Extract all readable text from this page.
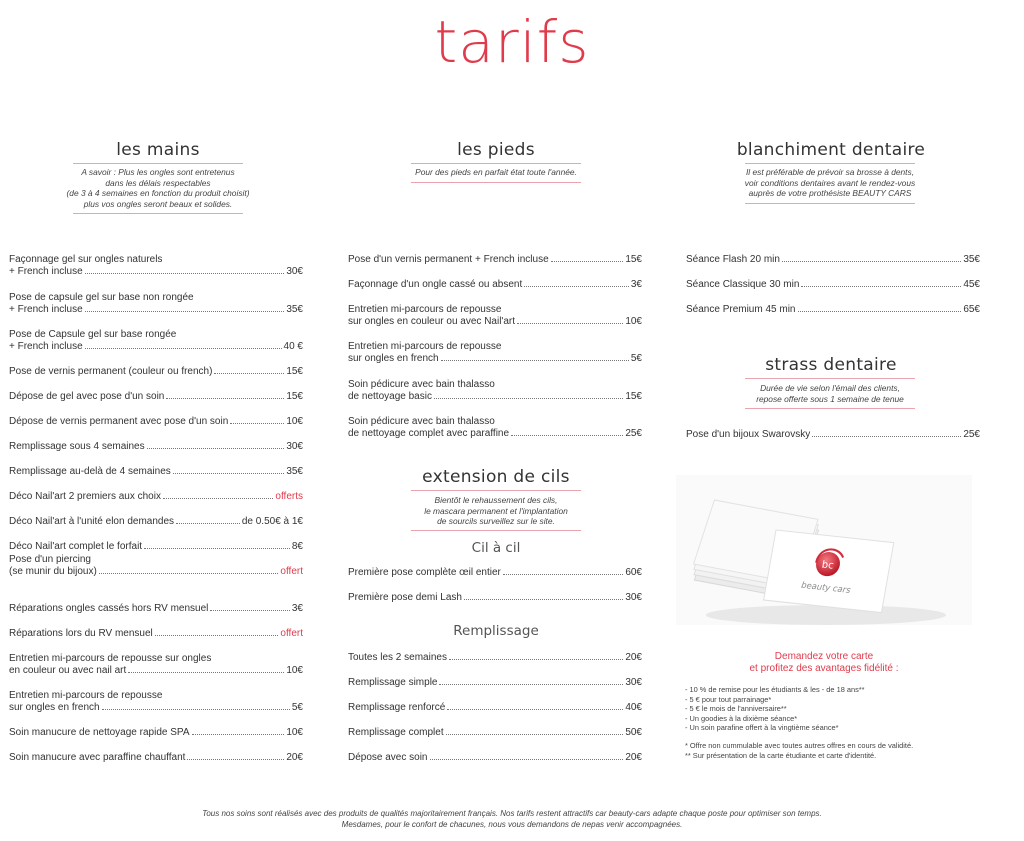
tarifs
les mains
A savoir : Plus les ongles sont entretenus
dans les délais respectables
(de 3 à 4 semaines en fonction du produit choisit)
plus vos ongles seront beaux et solides.
Façonnage gel sur ongles naturels
+ French incluse	30€
Pose de capsule gel sur base non rongée
+ French incluse	35€
Pose de Capsule gel sur base rongée
+ French incluse	40 €
Pose de vernis permanent (couleur ou french)	15€
Dépose de gel avec pose d'un soin	15€
Dépose de vernis permanent avec pose d'un soin	10€
Remplissage sous 4 semaines	30€
Remplissage au-delà de 4 semaines	35€
Déco Nail'art 2 premiers aux choix	offerts
Déco Nail'art à l'unité elon demandes	de 0.50€ à 1€
Déco Nail'art complet le forfait	8€
Pose d'un piercing
(se munir du bijoux)	offert
Réparations ongles cassés hors RV mensuel	3€
Réparations lors du RV mensuel	offert
Entretien mi-parcours de repousse sur ongles
en couleur ou avec nail art	10€
Entretien mi-parcours de repousse
sur ongles en french	5€
Soin manucure de nettoyage rapide SPA	10€
Soin manucure avec paraffine chauffant	20€
les pieds
Pour des pieds en parfait état toute l'année.
Pose d'un vernis permanent + French incluse	15€
Façonnage d'un ongle cassé ou absent	3€
Entretien mi-parcours de repousse
sur ongles en couleur ou avec Nail'art	10€
Entretien mi-parcours de repousse
sur ongles en french	5€
Soin pédicure avec bain thalasso
de nettoyage basic	15€
Soin pédicure avec bain thalasso
de nettoyage complet avec paraffine	25€
extension de cils
Bientôt le rehaussement des cils,
le mascara permanent et l'implantation
de sourcils surveillez sur le site.
Cil à cil
Première pose complète œil entier	60€
Première pose demi Lash	30€
Remplissage
Toutes les 2 semaines	20€
Remplissage simple	30€
Remplissage renforcé	40€
Remplissage complet	50€
Dépose avec soin	20€
blanchiment dentaire
Il est préférable de prévoir sa brosse à dents,
voir conditions dentaires avant le rendez-vous
auprès de votre prothésiste BEAUTY CARS
Séance Flash 20 min	35€
Séance Classique 30 min	45€
Séance Premium 45 min	65€
strass dentaire
Durée de vie selon l'émail des clients,
repose offerte sous 1 semaine de tenue
Pose d'un bijoux Swarovsky	25€
bc
beauty cars
Demandez votre carte
et profitez des avantages fidélité :
- 10 % de remise pour les étudiants & les - de 18 ans**
- 5 € pour tout parrainage*
- 5 € le mois de l'anniversaire**
- Un goodies à la dixième séance*
- Un soin parafine offert à la vingtième séance*
* Offre non cummulable avec toutes autres offres en cours de validité.
** Sur présentation de la carte étudiante et carte d'identité.
Tous nos soins sont réalisés avec des produits de qualités majoritairement français. Nos tarifs restent attractifs car beauty-cars adapte chaque poste pour optimiser son temps.
Mesdames, pour le confort de chacunes, nous vous demandons de nepas venir accompagnées.
